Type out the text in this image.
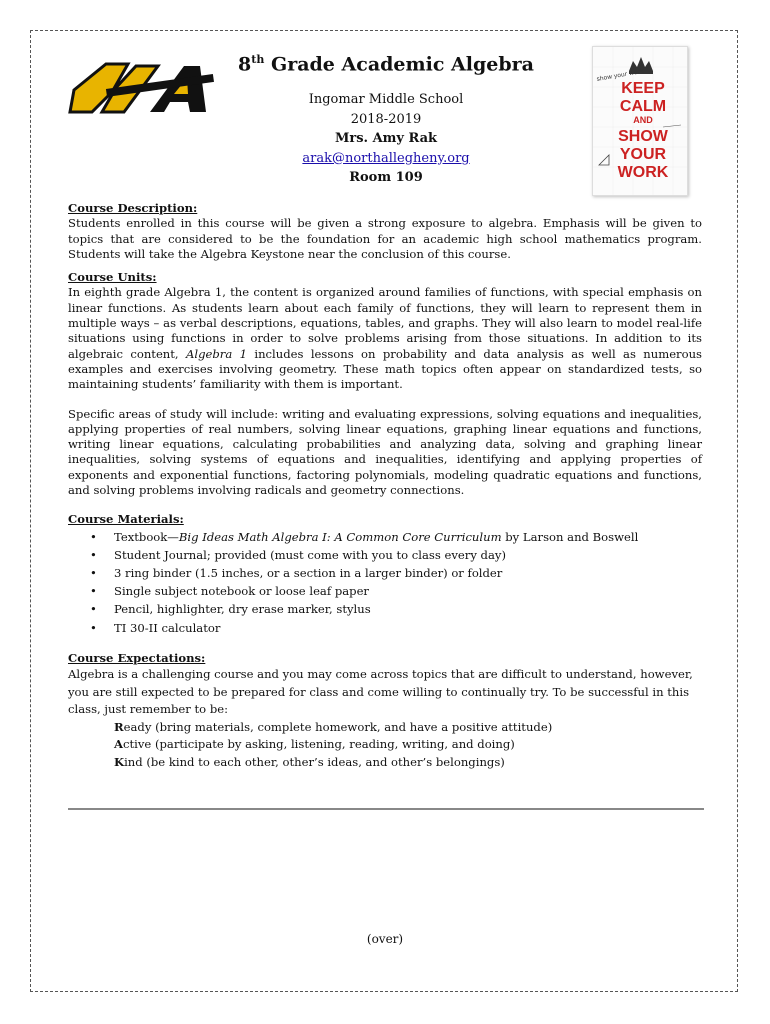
8th Grade Academic Algebra

Ingomar Middle School

2018-2019

Mrs. Amy Rak

arak@northallegheny.org

Room 109

KEEP
CALM
AND
SHOW
YOUR
WORK
show your work

Course Description:

Students enrolled in this course will be given a strong exposure to algebra. Emphasis will be given to topics that are considered to be the foundation for an academic high school mathematics program. Students will take the Algebra Keystone near the conclusion of this course.

Course Units:

In eighth grade Algebra 1, the content is organized around families of functions, with special emphasis on linear functions. As students learn about each family of functions, they will learn to represent them in multiple ways – as verbal descriptions, equations, tables, and graphs. They will also learn to model real-life situations using functions in order to solve problems arising from those situations. In addition to its algebraic content, Algebra 1 includes lessons on probability and data analysis as well as numerous examples and exercises involving geometry. These math topics often appear on standardized tests, so maintaining students’ familiarity with them is important.

Specific areas of study will include: writing and evaluating expressions, solving equations and inequalities, applying properties of real numbers, solving linear equations, graphing linear equations and functions, writing linear equations, calculating probabilities and analyzing data, solving and graphing linear inequalities, solving systems of equations and inequalities, identifying and applying properties of exponents and exponential functions, factoring polynomials, modeling quadratic equations and functions, and solving problems involving radicals and geometry connections.

Course Materials:

• Textbook—Big Ideas Math Algebra I: A Common Core Curriculum by Larson and Boswell
• Student Journal; provided (must come with you to class every day)
• 3 ring binder (1.5 inches, or a section in a larger binder) or folder
• Single subject notebook or loose leaf paper
• Pencil, highlighter, dry erase marker, stylus
• TI 30-II calculator

Course Expectations:

Algebra is a challenging course and you may come across topics that are difficult to understand, however, you are still expected to be prepared for class and come willing to continually try. To be successful in this class, just remember to be:

Ready (bring materials, complete homework, and have a positive attitude)
Active (participate by asking, listening, reading, writing, and doing)
Kind (be kind to each other, other’s ideas, and other’s belongings)
(over)
